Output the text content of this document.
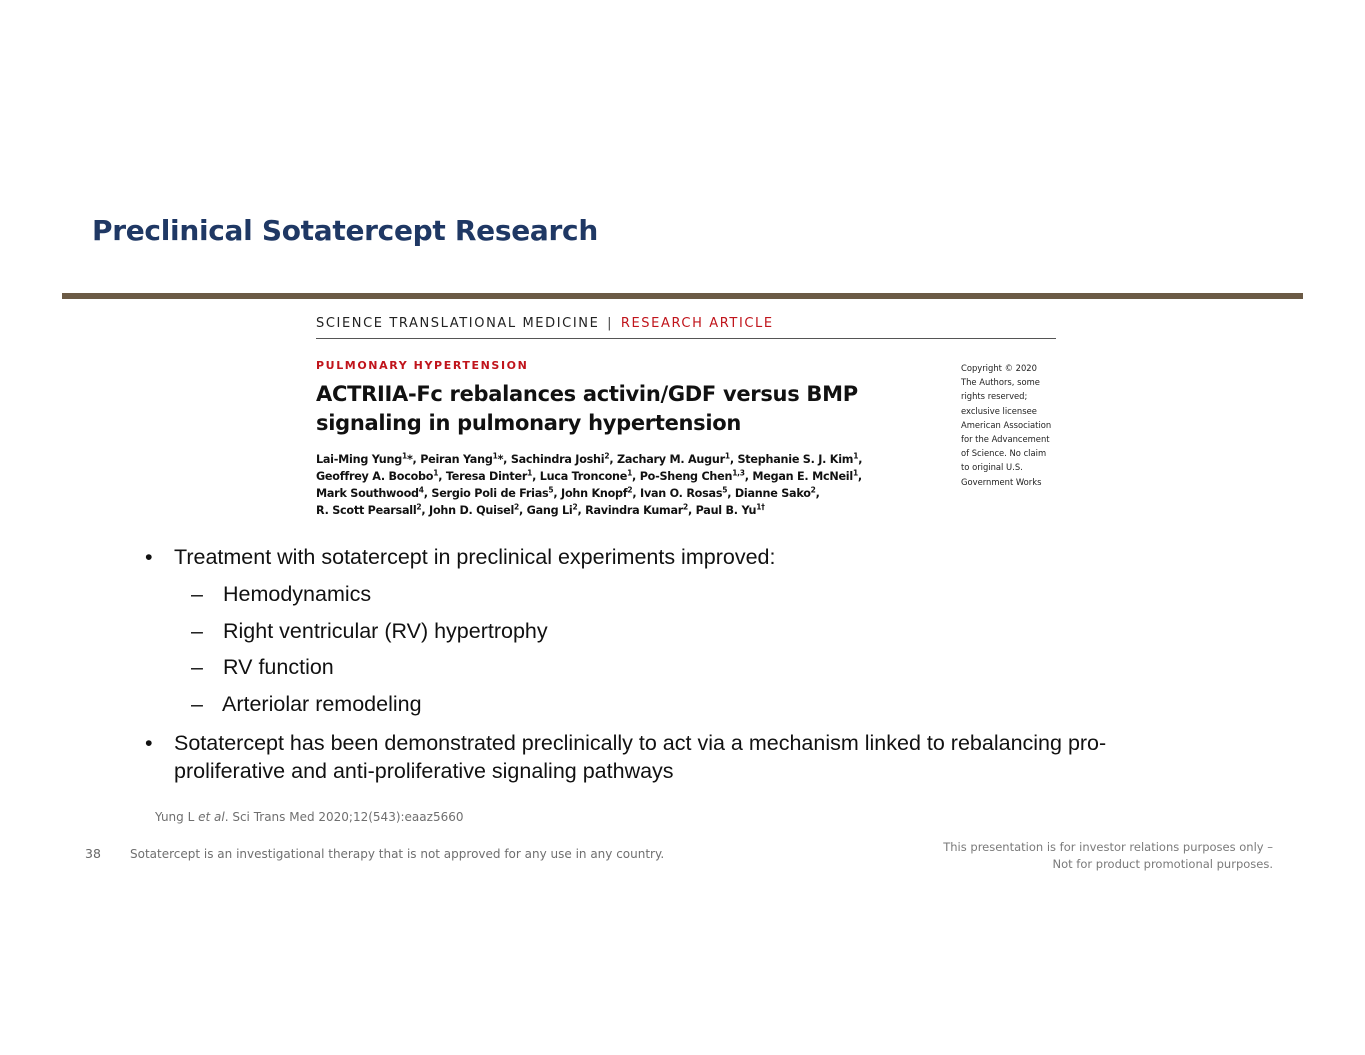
Preclinical Sotatercept Research
SCIENCE TRANSLATIONAL MEDICINE | RESEARCH ARTICLE
PULMONARY HYPERTENSION
ACTRIIA-Fc rebalances activin/GDF versus BMP
signaling in pulmonary hypertension
Lai-Ming Yung$^1$*, Peiran Yang$^1$*, Sachindra Joshi$^2$, Zachary M. Augur$^1$, Stephanie S. J. Kim$^1$,
Geoffrey A. Bocobo$^1$, Teresa Dinter$^1$, Luca Troncone$^1$, Po-Sheng Chen$^{1,3}$, Megan E. McNeil$^1$,
Mark Southwood$^4$, Sergio Poli de Frias$^5$, John Knopf$^2$, Ivan O. Rosas$^5$, Dianne Sako$^2$,
R. Scott Pearsall$^2$, John D. Quisel$^2$, Gang Li$^2$, Ravindra Kumar$^2$, Paul B. $Yu^{1\dagger}$
Copyright © 2020
The Authors, some
rights reserved;
exclusive licensee
American Association
for the Advancement
of Science. No claim
to original U.S.
Government Works
• Treatment with sotatercept in preclinical experiments improved:
– Hemodynamics
– Right ventricular (RV) hypertrophy
– RV function
– Arteriolar remodeling
• Sotatercept has been demonstrated preclinically to act via a mechanism linked to rebalancing pro-
proliferative and anti-proliferative signaling pathways
Yung L et al. Sci Trans Med 2020;12(543):eaaz5660
38 Sotatercept is an investigational therapy that is not approved for any use in any country.	This presentation is for investor relations purposes only –
Not for product promotional purposes.
